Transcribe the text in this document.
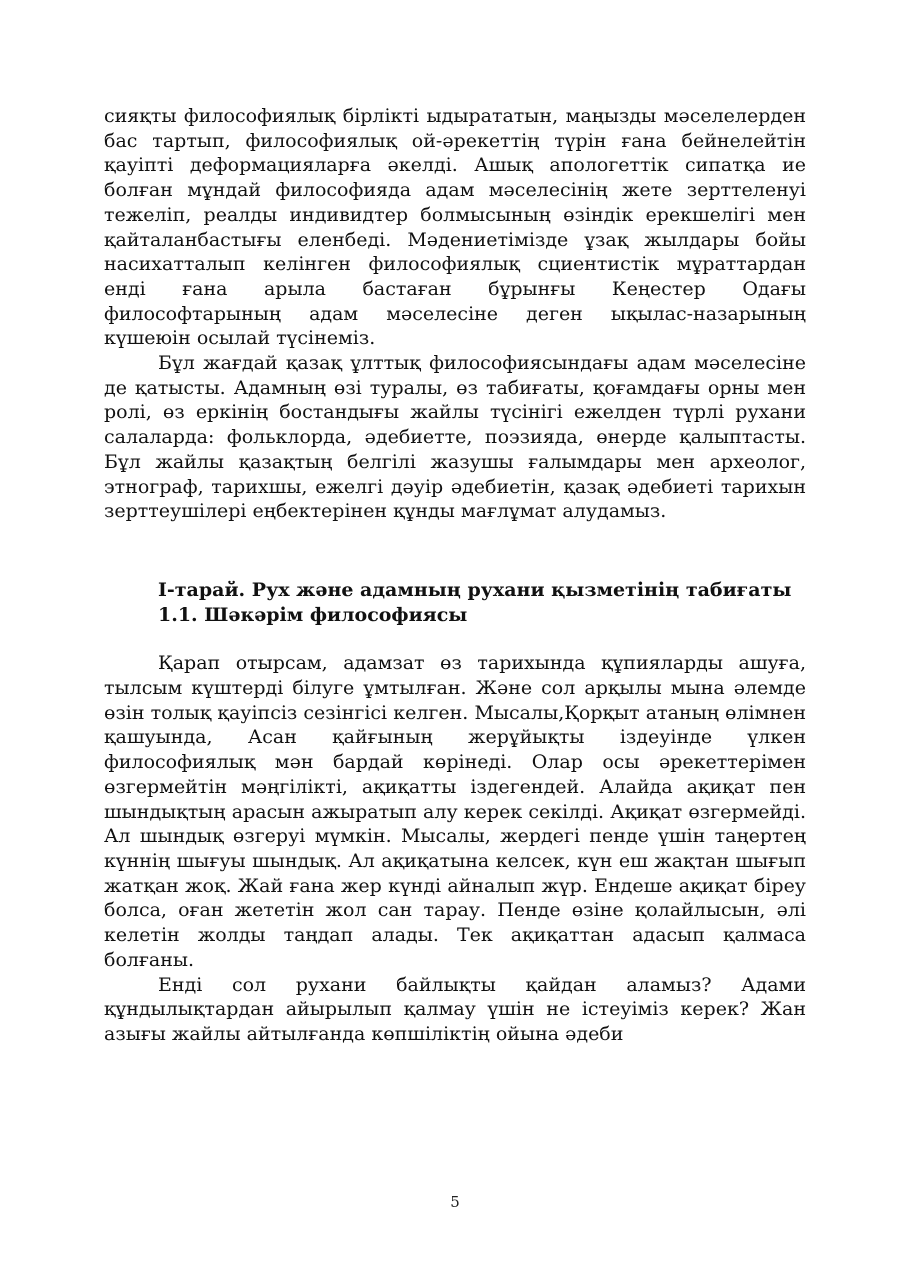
сияқты философиялық бірлікті ыдырататын, маңызды мәселелерден бас тартып, философиялық ой-әрекеттің түрін ғана бейнелейтін қауіпті деформацияларға әкелді. Ашық апологеттік сипатқа ие болған мұндай философияда адам мәселесінің жете зерттеленуі тежеліп, реалды индивидтер болмысының өзіндік ерекшелігі мен қайталанбастығы еленбеді. Мәдениетімізде ұзақ жылдары бойы насихатталып келінген философиялық сциентистік мұраттардан енді ғана арыла бастаған бұрынғы Кеңестер Одағы философтарының адам мәселесіне деген ықылас-назарының күшеюін осылай түсінеміз.

Бұл жағдай қазақ ұлттық философиясындағы адам мәселесіне де қатысты. Адамның өзі туралы, өз табиғаты, қоғамдағы орны мен ролі, өз еркінің бостандығы жайлы түсінігі ежелден түрлі рухани салаларда: фольклорда, әдебиетте, поэзияда, өнерде қалыптасты. Бұл жайлы қазақтың белгілі жазушы ғалымдары мен археолог, этнограф, тарихшы, ежелгі дәуір әдебиетін, қазақ әдебиеті тарихын зерттеушілері еңбектерінен құнды мағлұмат алудамыз.

І-тарай. Рух және адамның рухани қызметінің табиғаты

1.1. Шәкәрім философиясы

Қарап отырсам, адамзат өз тарихында құпияларды ашуға, тылсым күштерді білуге ұмтылған. Және сол арқылы мына әлемде өзін толық қауіпсіз сезінгісі келген. Мысалы,Қорқыт атаның өлімнен қашуында, Асан қайғының жерұйықты іздеуінде үлкен философиялық мән бардай көрінеді. Олар осы әрекеттерімен өзгермейтін мәңгілікті, ақиқатты іздегендей. Алайда ақиқат пен шындықтың арасын ажыратып алу керек секілді. Ақиқат өзгермейді. Ал шындық өзгеруі мүмкін. Мысалы, жердегі пенде үшін таңертең күннің шығуы шындық. Ал ақиқатына келсек, күн еш жақтан шығып жатқан жоқ. Жай ғана жер күнді айналып жүр. Ендеше ақиқат біреу болса, оған жететін жол сан тарау. Пенде өзіне қолайлысын, әлі келетін жолды таңдап алады. Тек ақиқаттан адасып қалмаса болғаны.

Енді сол рухани байлықты қайдан аламыз? Адами құндылықтардан айырылып қалмау үшін не істеуіміз керек? Жан азығы жайлы айтылғанда көпшіліктің ойына әдеби

5
